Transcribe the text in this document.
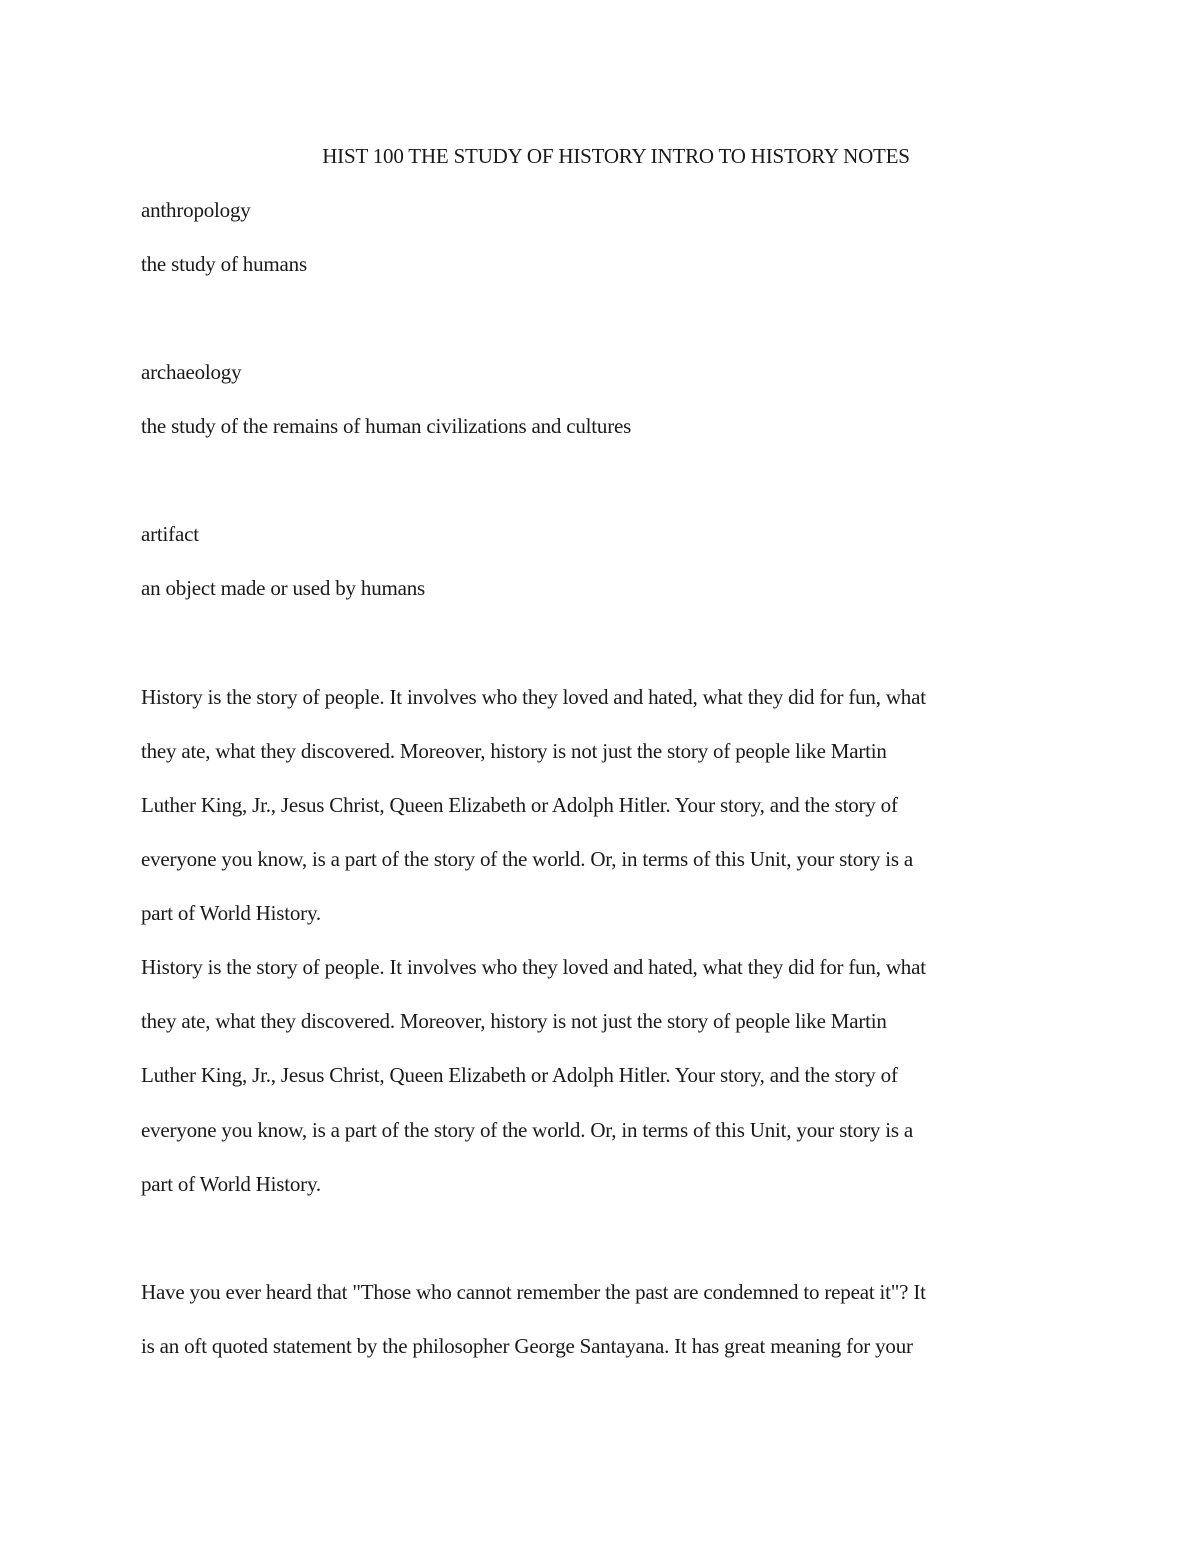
HIST 100 THE STUDY OF HISTORY INTRO TO HISTORY NOTES
anthropology
the study of humans
archaeology
the study of the remains of human civilizations and cultures
artifact
an object made or used by humans
History is the story of people. It involves who they loved and hated, what they did for fun, what
they ate, what they discovered. Moreover, history is not just the story of people like Martin
Luther King, Jr., Jesus Christ, Queen Elizabeth or Adolph Hitler. Your story, and the story of
everyone you know, is a part of the story of the world. Or, in terms of this Unit, your story is a
part of World History.
History is the story of people. It involves who they loved and hated, what they did for fun, what
they ate, what they discovered. Moreover, history is not just the story of people like Martin
Luther King, Jr., Jesus Christ, Queen Elizabeth or Adolph Hitler. Your story, and the story of
everyone you know, is a part of the story of the world. Or, in terms of this Unit, your story is a
part of World History.
Have you ever heard that "Those who cannot remember the past are condemned to repeat it"? It
is an oft quoted statement by the philosopher George Santayana. It has great meaning for your
